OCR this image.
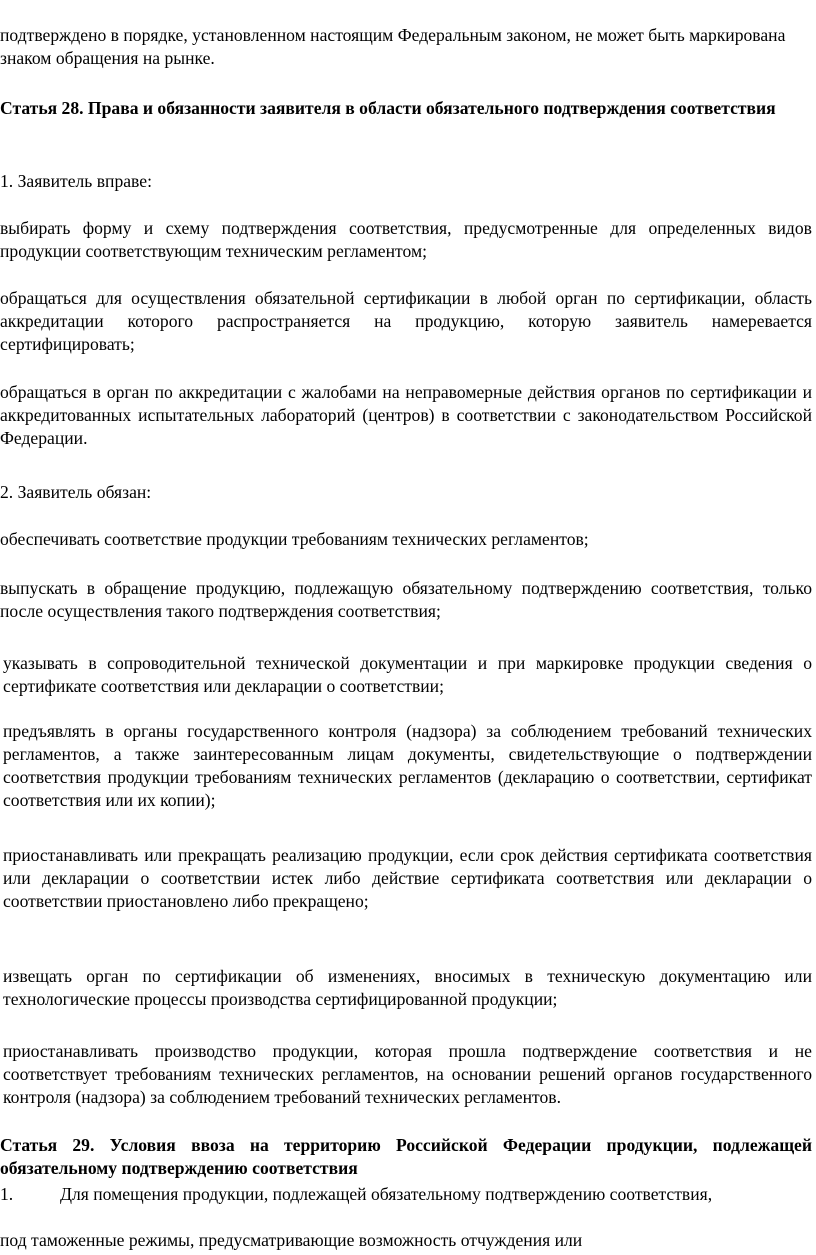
подтверждено в порядке, установленном настоящим Федеральным законом, не может быть маркирована знаком обращения на рынке.
Статья 28. Права и обязанности заявителя в области обязательного подтверждения соответствия
1. Заявитель вправе:
выбирать форму и схему подтверждения соответствия, предусмотренные для определенных видов продукции соответствующим техническим регламентом;
обращаться для осуществления обязательной сертификации в любой орган по сертификации, область аккредитации которого распространяется на продукцию, которую заявитель намеревается сертифицировать;
обращаться в орган по аккредитации с жалобами на неправомерные действия органов по сертификации и аккредитованных испытательных лабораторий (центров) в соответствии с законодательством Российской Федерации.
2. Заявитель обязан:
обеспечивать соответствие продукции требованиям технических регламентов;
выпускать в обращение продукцию, подлежащую обязательному подтверждению соответствия, только после осуществления такого подтверждения соответствия;
указывать в сопроводительной технической документации и при маркировке продукции сведения о сертификате соответствия или декларации о соответствии;
предъявлять в органы государственного контроля (надзора) за соблюдением требований технических регламентов, а также заинтересованным лицам документы, свидетельствующие о подтверждении соответствия продукции требованиям технических регламентов (декларацию о соответствии, сертификат соответствия или их копии);
приостанавливать или прекращать реализацию продукции, если срок действия сертификата соответствия или декларации о соответствии истек либо действие сертификата соответствия или декларации о соответствии приостановлено либо прекращено;
извещать орган по сертификации об изменениях, вносимых в техническую документацию или технологические процессы производства сертифицированной продукции;
приостанавливать производство продукции, которая прошла подтверждение соответствия и не соответствует требованиям технических регламентов, на основании решений органов государственного контроля (надзора) за соблюдением требований технических регламентов.
Статья 29. Условия ввоза на территорию Российской Федерации продукции, подлежащей обязательному подтверждению соответствия
1.	Для помещения продукции, подлежащей обязательному подтверждению соответствия,
под таможенные режимы, предусматривающие возможность отчуждения или
